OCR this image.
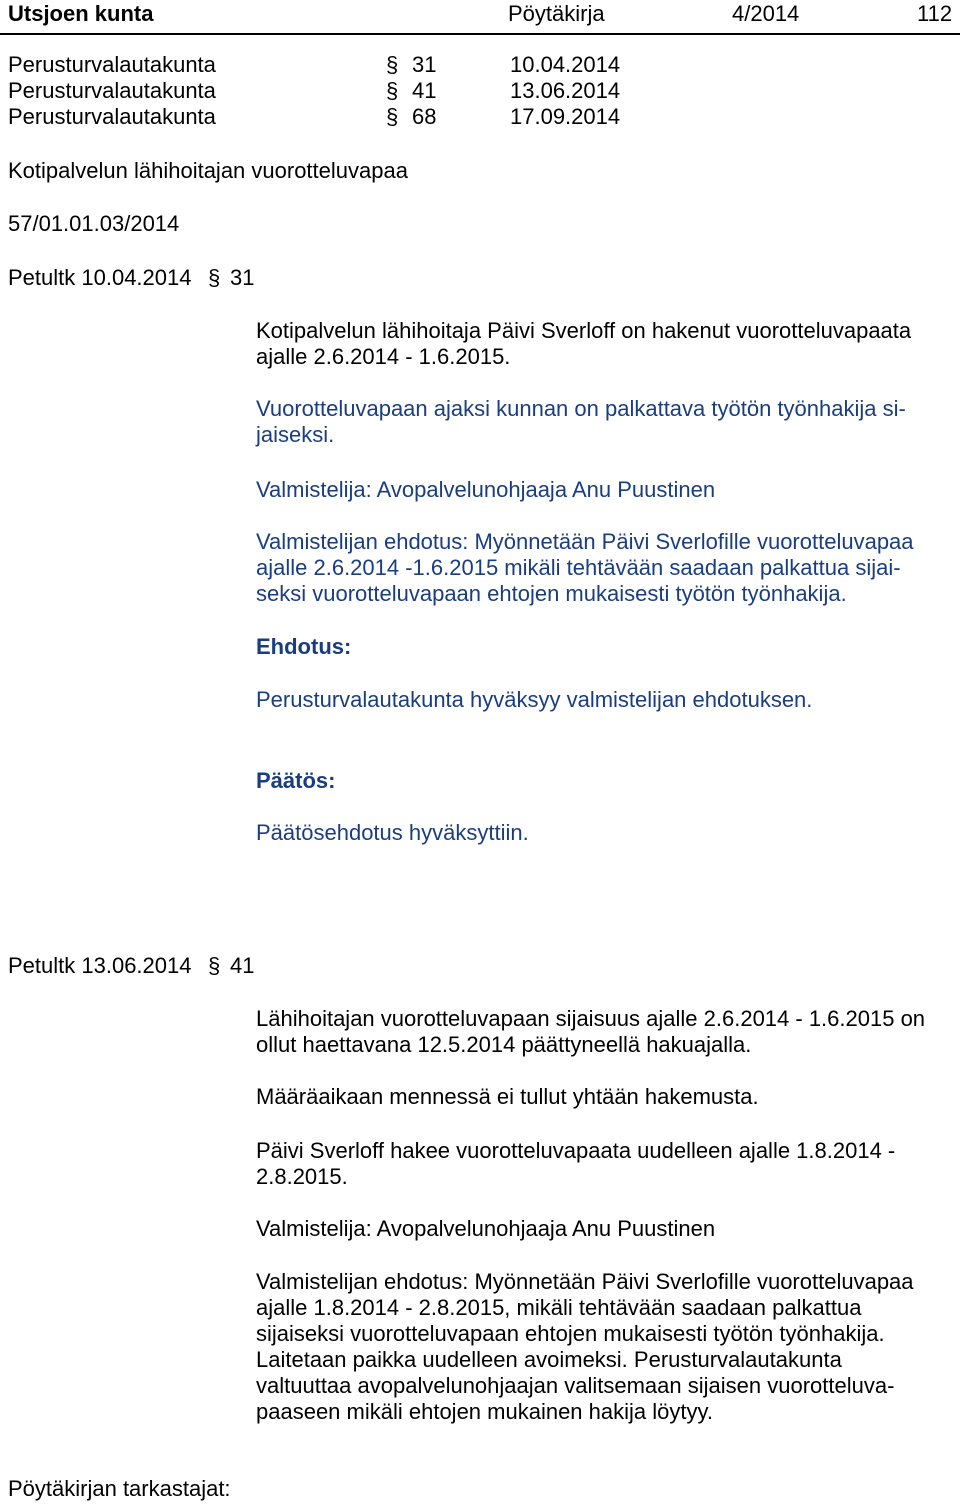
Utsjoen kunta	Pöytäkirja	4/2014	112
Perusturvalautakunta	§ 31	10.04.2014
Perusturvalautakunta	§ 41	13.06.2014
Perusturvalautakunta	§ 68	17.09.2014
Kotipalvelun lähihoitajan vuorotteluvapaa
57/01.01.03/2014
Petultk 10.04.2014 § 31
Kotipalvelun lähihoitaja Päivi Sverloff on hakenut vuorotteluvapaata
ajalle 2.6.2014 - 1.6.2015.
Vuorotteluvapaan ajaksi kunnan on palkattava työtön työnhakija si-
jaiseksi.
Valmistelija: Avopalvelunohjaaja Anu Puustinen
Valmistelijan ehdotus: Myönnetään Päivi Sverlofille vuorotteluvapaa
ajalle 2.6.2014 -1.6.2015 mikäli tehtävään saadaan palkattua sijai-
seksi vuorotteluvapaan ehtojen mukaisesti työtön työnhakija.
Ehdotus:
Perusturvalautakunta hyväksyy valmistelijan ehdotuksen.
Päätös:
Päätösehdotus hyväksyttiin.
Petultk 13.06.2014 § 41
Lähihoitajan vuorotteluvapaan sijaisuus ajalle 2.6.2014 - 1.6.2015 on
ollut haettavana 12.5.2014 päättyneellä hakuajalla.
Määräaikaan mennessä ei tullut yhtään hakemusta.
Päivi Sverloff hakee vuorotteluvapaata uudelleen ajalle 1.8.2014 -
2.8.2015.
Valmistelija: Avopalvelunohjaaja Anu Puustinen
Valmistelijan ehdotus: Myönnetään Päivi Sverlofille vuorotteluvapaa
ajalle 1.8.2014 - 2.8.2015, mikäli tehtävään saadaan palkattua
sijaiseksi vuorotteluvapaan ehtojen mukaisesti työtön työnhakija.
Laitetaan paikka uudelleen avoimeksi. Perusturvalautakunta
valtuuttaa avopalvelunohjaajan valitsemaan sijaisen vuorotteluva-
paaseen mikäli ehtojen mukainen hakija löytyy.
Pöytäkirjan tarkastajat:
